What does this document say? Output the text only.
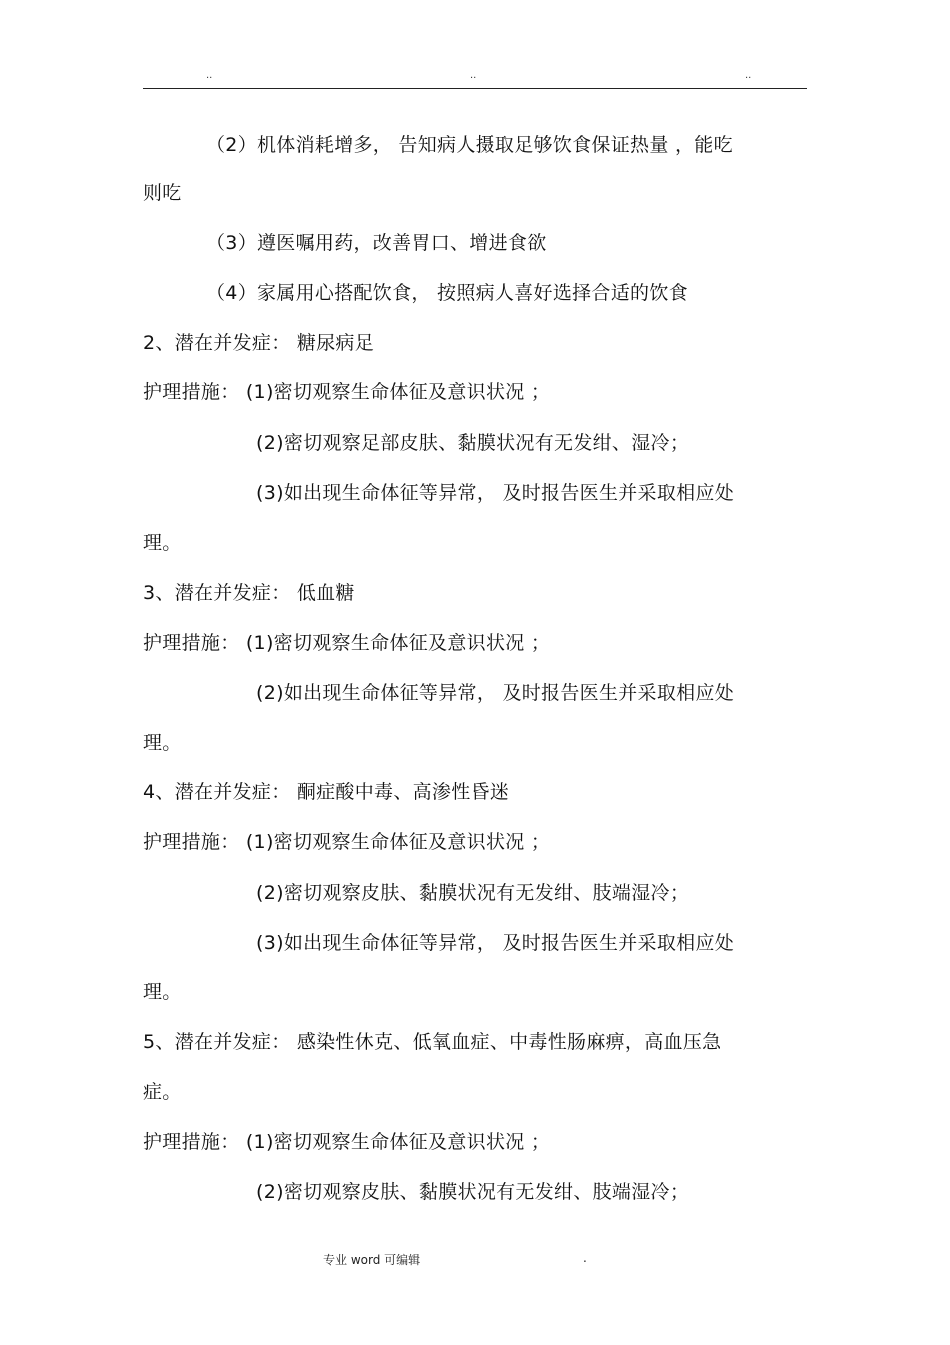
..	..	..
（2）机体消耗增多， 告知病人摄取足够饮食保证热量 ，能吃
则吃
（3）遵医嘱用药，改善胃口、增进食欲
（4）家属用心搭配饮食， 按照病人喜好选择合适的饮食
2、潜在并发症： 糖尿病足
护理措施： (1)密切观察生命体征及意识状况 ；
(2)密切观察足部皮肤、黏膜状况有无发绀、湿冷；
(3)如出现生命体征等异常， 及时报告医生并采取相应处
理。
3、潜在并发症： 低血糖
护理措施： (1)密切观察生命体征及意识状况 ；
(2)如出现生命体征等异常， 及时报告医生并采取相应处
理。
4、潜在并发症： 酮症酸中毒、高渗性昏迷
护理措施： (1)密切观察生命体征及意识状况 ；
(2)密切观察皮肤、黏膜状况有无发绀、肢端湿冷；
(3)如出现生命体征等异常， 及时报告医生并采取相应处
理。
5、潜在并发症： 感染性休克、低氧血症、中毒性肠麻痹，高血压急
症。
护理措施： (1)密切观察生命体征及意识状况 ；
(2)密切观察皮肤、黏膜状况有无发绀、肢端湿冷；
专业 word 可编辑	.
